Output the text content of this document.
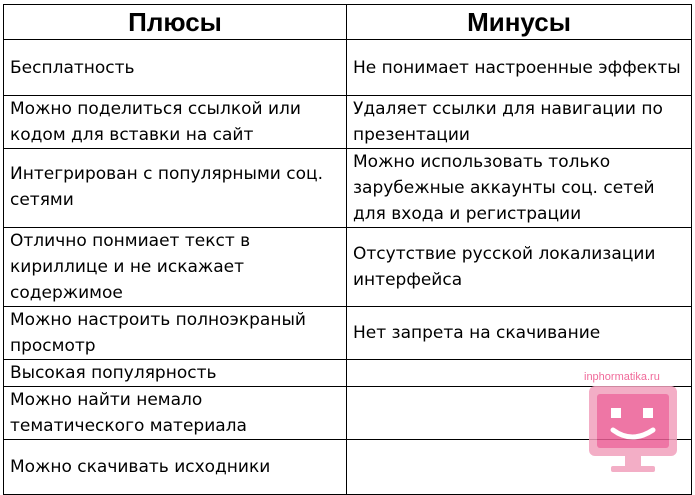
Плюсы	Минусы
Бесплатность	Не понимает настроенные эффекты
Можно поделиться ссылкой или кодом для вставки на сайт	Удаляет ссылки для навигации по презентации
Интегрирован с популярными соц. сетями	Можно использовать только зарубежные аккаунты соц. сетей для входа и регистрации
Отлично понмиает текст в кириллице и не искажает содержимое	Отсутствие русской локализации интерфейса
Можно настроить полноэкраный просмотр	Нет запрета на скачивание
Высокая популярность	
Можно найти немало тематического материала	
Можно скачивать исходники	
inphormatika.ru
